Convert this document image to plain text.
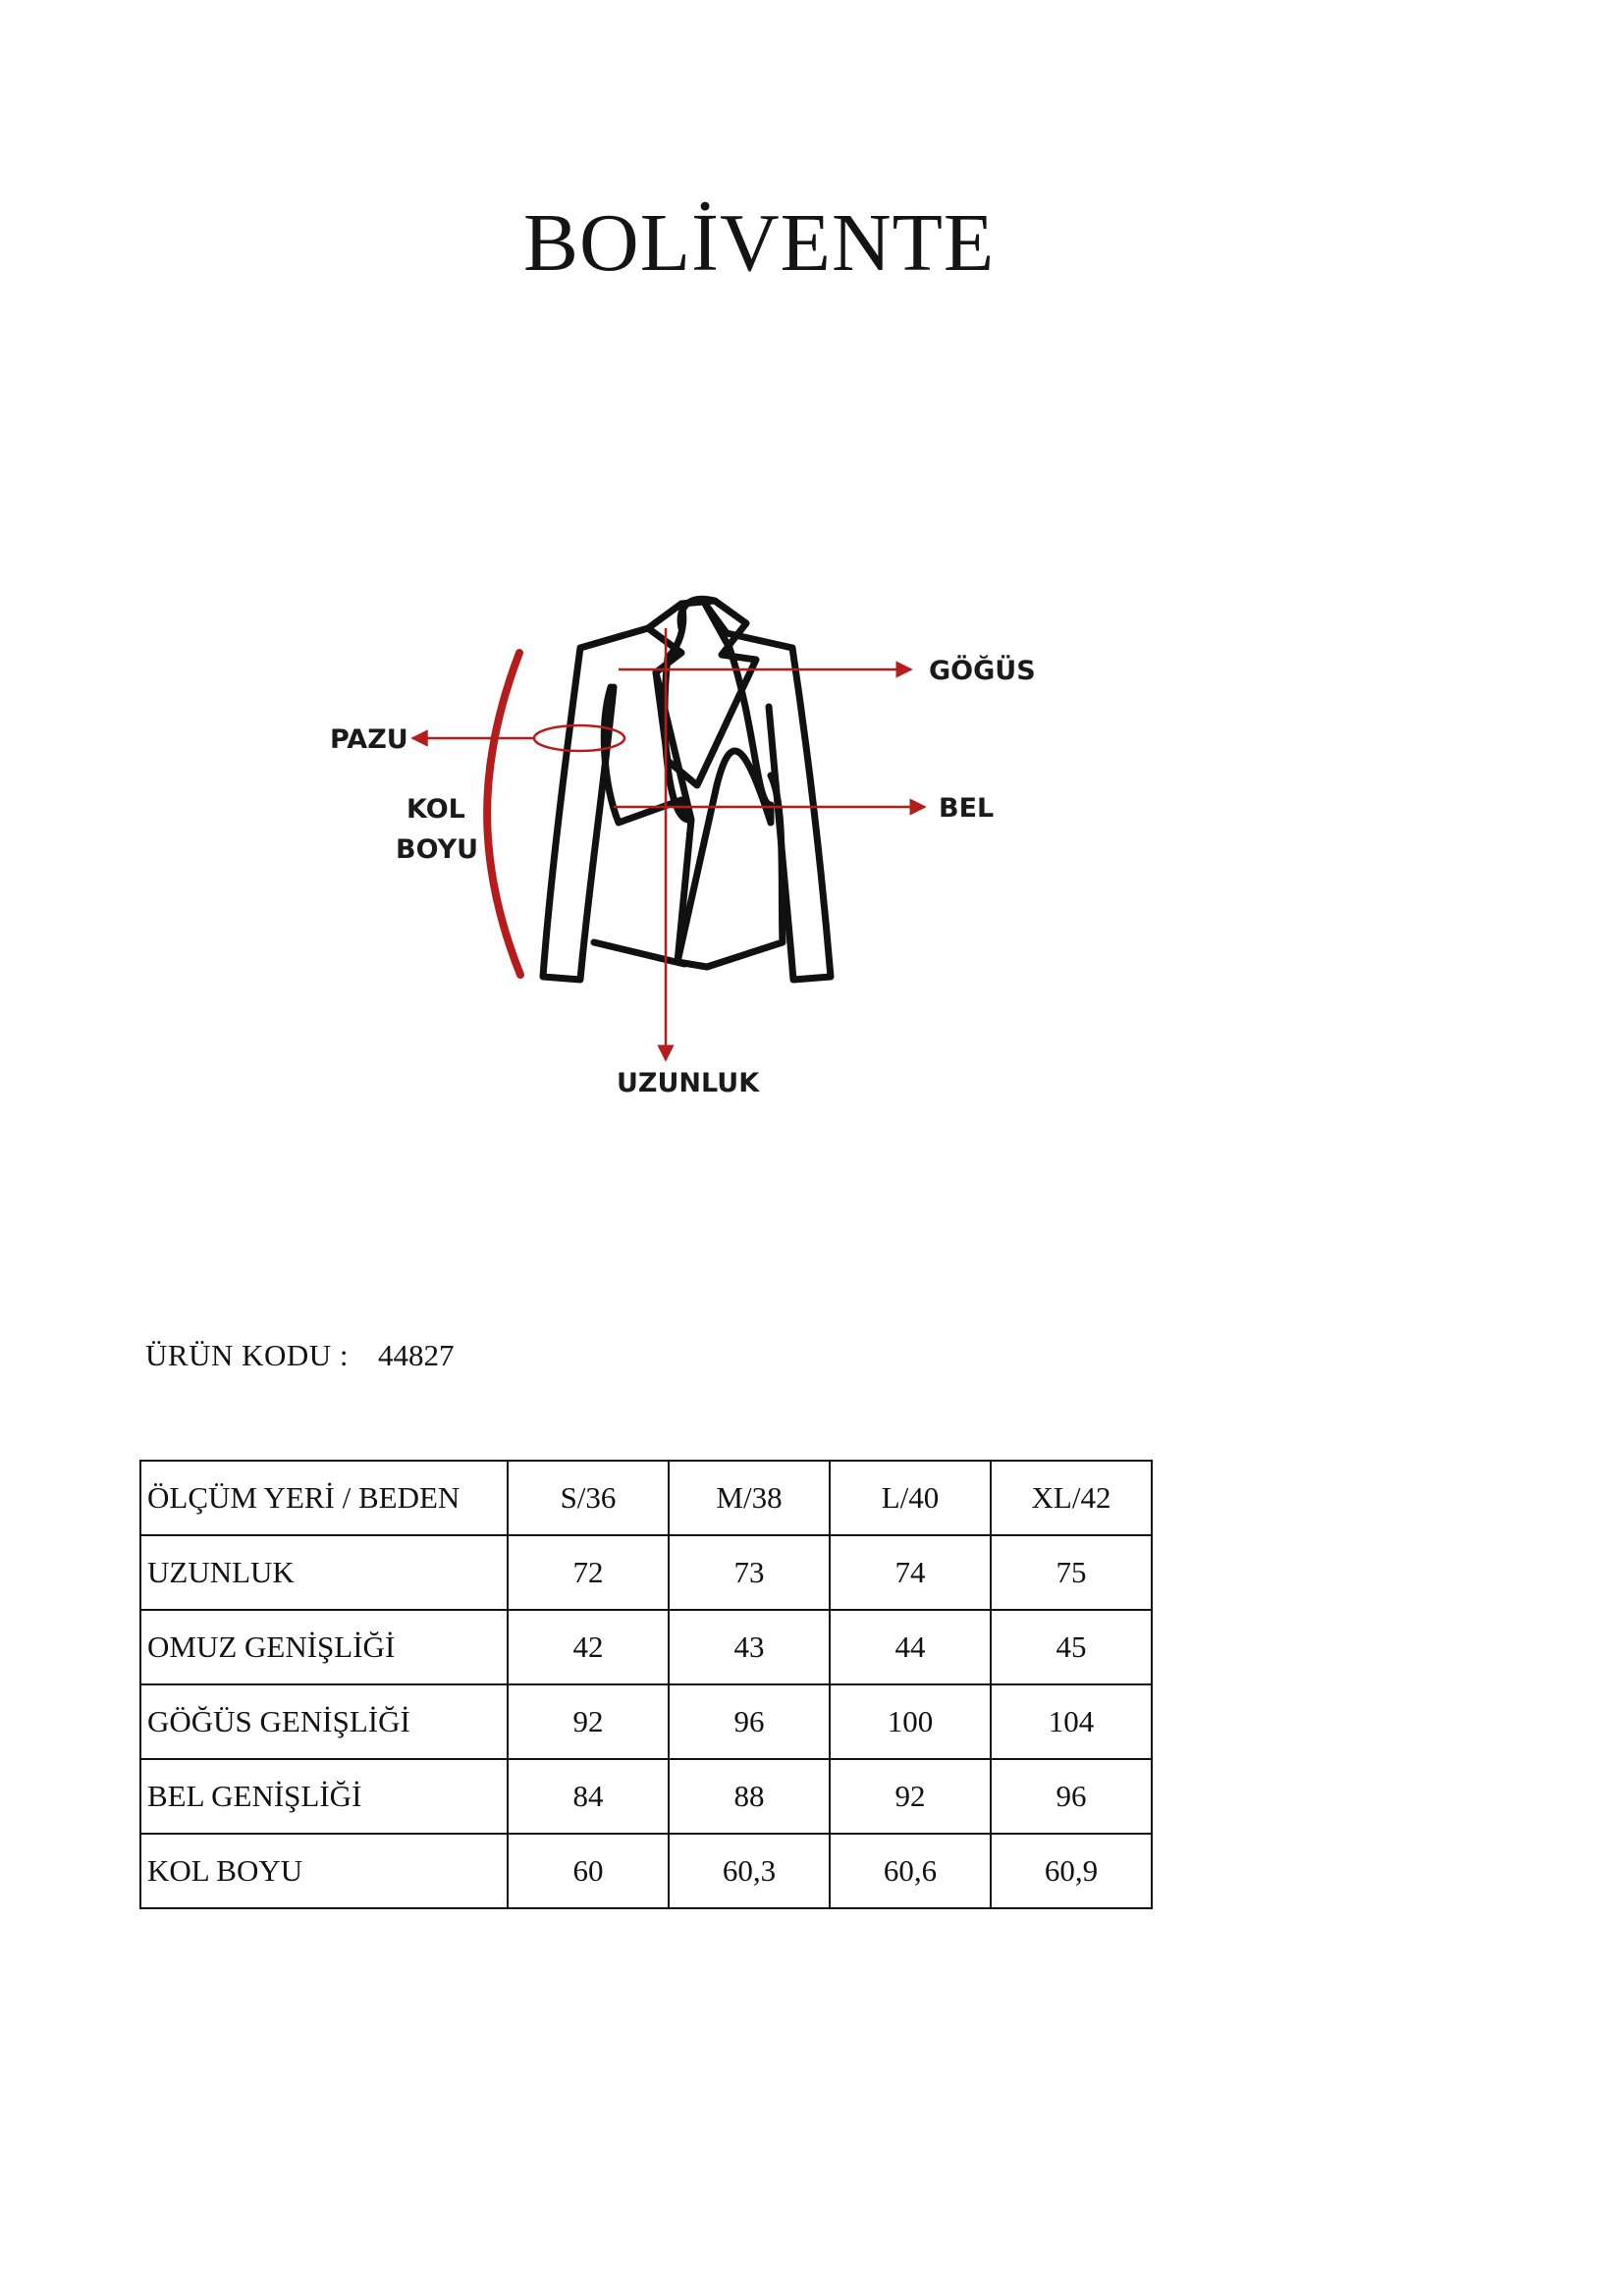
BOLİVENTE
GÖĞÜS
PAZU
KOL
BOYU
BEL
UZUNLUK
ÜRÜN KODU : 44827
ÖLÇÜM YERİ / BEDEN	S/36	M/38	L/40	XL/42
UZUNLUK	72	73	74	75
OMUZ GENİŞLİĞİ	42	43	44	45
GÖĞÜS GENİŞLİĞİ	92	96	100	104
BEL GENİŞLİĞİ	84	88	92	96
KOL BOYU	60	60,3	60,6	60,9
